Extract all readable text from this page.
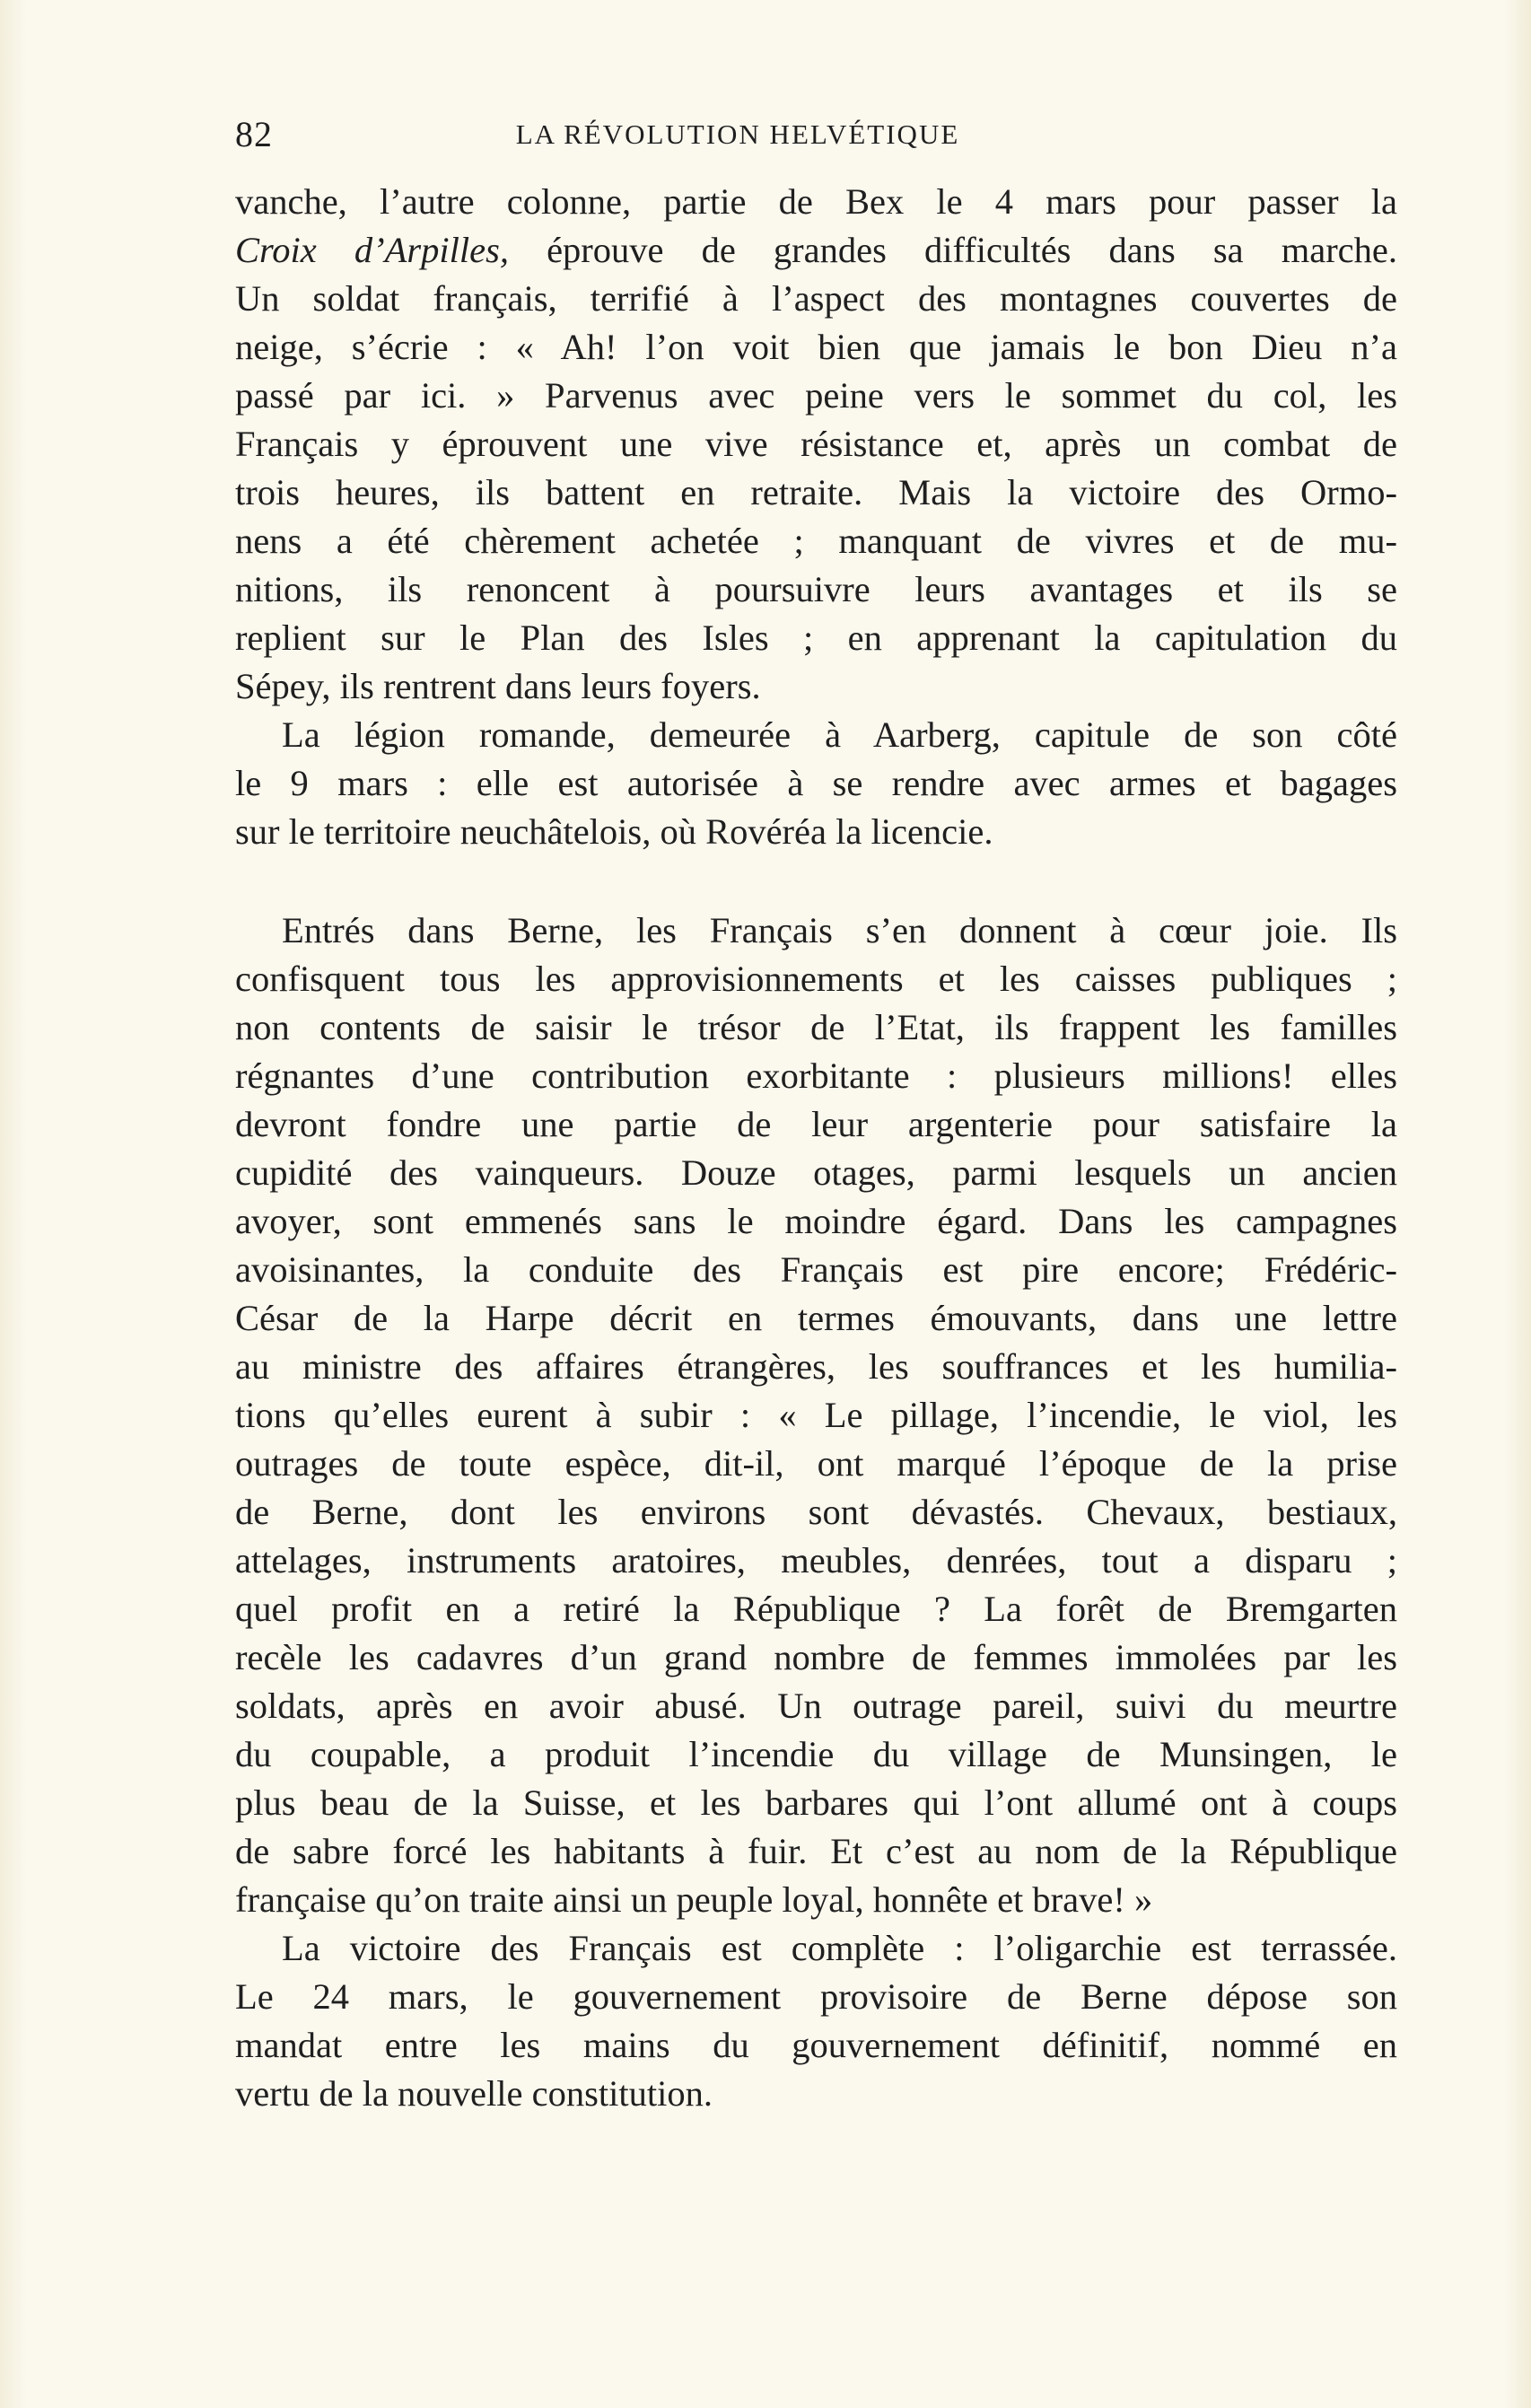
82	LA RÉVOLUTION HELVÉTIQUE
vanche, l’autre colonne, partie de Bex le 4 mars pour passer la
Croix d’Arpilles, éprouve de grandes difficultés dans sa marche.
Un soldat français, terrifié à l’aspect des montagnes couvertes de
neige, s’écrie : « Ah! l’on voit bien que jamais le bon Dieu n’a
passé par ici. » Parvenus avec peine vers le sommet du col, les
Français y éprouvent une vive résistance et, après un combat de
trois heures, ils battent en retraite. Mais la victoire des Ormo-
nens a été chèrement achetée ; manquant de vivres et de mu-
nitions, ils renoncent à poursuivre leurs avantages et ils se
replient sur le Plan des Isles ; en apprenant la capitulation du
Sépey, ils rentrent dans leurs foyers.
La légion romande, demeurée à Aarberg, capitule de son côté
le 9 mars : elle est autorisée à se rendre avec armes et bagages
sur le territoire neuchâtelois, où Rovéréa la licencie.
Entrés dans Berne, les Français s’en donnent à cœur joie. Ils
confisquent tous les approvisionnements et les caisses publiques ;
non contents de saisir le trésor de l’Etat, ils frappent les familles
régnantes d’une contribution exorbitante : plusieurs millions! elles
devront fondre une partie de leur argenterie pour satisfaire la
cupidité des vainqueurs. Douze otages, parmi lesquels un ancien
avoyer, sont emmenés sans le moindre égard. Dans les campagnes
avoisinantes, la conduite des Français est pire encore; Frédéric-
César de la Harpe décrit en termes émouvants, dans une lettre
au ministre des affaires étrangères, les souffrances et les humilia-
tions qu’elles eurent à subir : « Le pillage, l’incendie, le viol, les
outrages de toute espèce, dit-il, ont marqué l’époque de la prise
de Berne, dont les environs sont dévastés. Chevaux, bestiaux,
attelages, instruments aratoires, meubles, denrées, tout a disparu ;
quel profit en a retiré la République ? La forêt de Bremgarten
recèle les cadavres d’un grand nombre de femmes immolées par les
soldats, après en avoir abusé. Un outrage pareil, suivi du meurtre
du coupable, a produit l’incendie du village de Munsingen, le
plus beau de la Suisse, et les barbares qui l’ont allumé ont à coups
de sabre forcé les habitants à fuir. Et c’est au nom de la République
française qu’on traite ainsi un peuple loyal, honnête et brave! »
La victoire des Français est complète : l’oligarchie est terrassée.
Le 24 mars, le gouvernement provisoire de Berne dépose son
mandat entre les mains du gouvernement définitif, nommé en
vertu de la nouvelle constitution.
